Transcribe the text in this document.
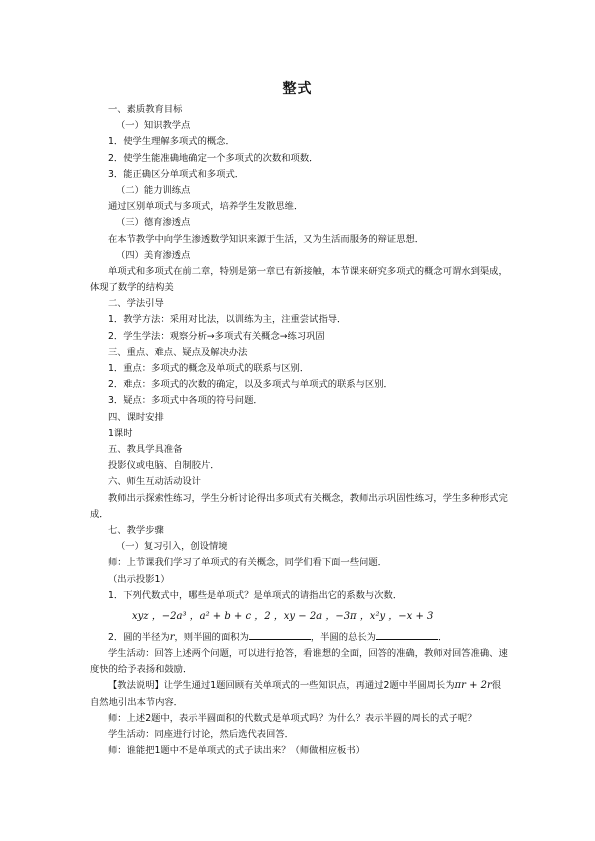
整式
一、素质教育目标
（一）知识教学点
1．使学生理解多项式的概念．
2．使学生能准确地确定一个多项式的次数和项数．
3．能正确区分单项式和多项式．
（二）能力训练点
通过区别单项式与多项式，培养学生发散思维．
（三）德育渗透点
在本节教学中向学生渗透数学知识来源于生活，又为生活而服务的辩证思想．
（四）美育渗透点
单项式和多项式在前二章，特别是第一章已有新接触，本节课来研究多项式的概念可谓水到渠成，体现了数学的结构美
二、学法引导
1．教学方法：采用对比法，以训练为主，注重尝试指导．
2．学生学法：观察分析→多项式有关概念→练习巩固
三、重点、难点、疑点及解决办法
1．重点：多项式的概念及单项式的联系与区别．
2．难点：多项式的次数的确定，以及多项式与单项式的联系与区别．
3．疑点：多项式中各项的符号问题．
四、课时安排
1课时
五、教具学具准备
投影仪或电脑、自制胶片．
六、师生互动活动设计
教师出示探索性练习，学生分析讨论得出多项式有关概念，教师出示巩固性练习，学生多种形式完成．
七、教学步骤
（一）复习引入，创设情境
师：上节课我们学习了单项式的有关概念，同学们看下面一些问题．
（出示投影1）
1．下列代数式中，哪些是单项式？是单项式的请指出它的系数与次数．
xyz ，−2a³ ，a² + b + c ，2 ，xy − 2a ，−3π ，x²y ，−x + 3
2．圆的半径为r，则半圆的面积为	，半圆的总长为	．
学生活动：回答上述两个问题，可以进行抢答，看谁想的全面，回答的准确，教师对回答准确、速度快的给予表扬和鼓励．
【教法说明】让学生通过1题回顾有关单项式的一些知识点，再通过2题中半圆周长为πr + 2r很自然地引出本节内容．
师：上述2题中，表示半圆面积的代数式是单项式吗？为什么？表示半圆的周长的式子呢？
学生活动：同座进行讨论，然后选代表回答．
师：谁能把1题中不是单项式的式子读出来？（师做相应板书）
